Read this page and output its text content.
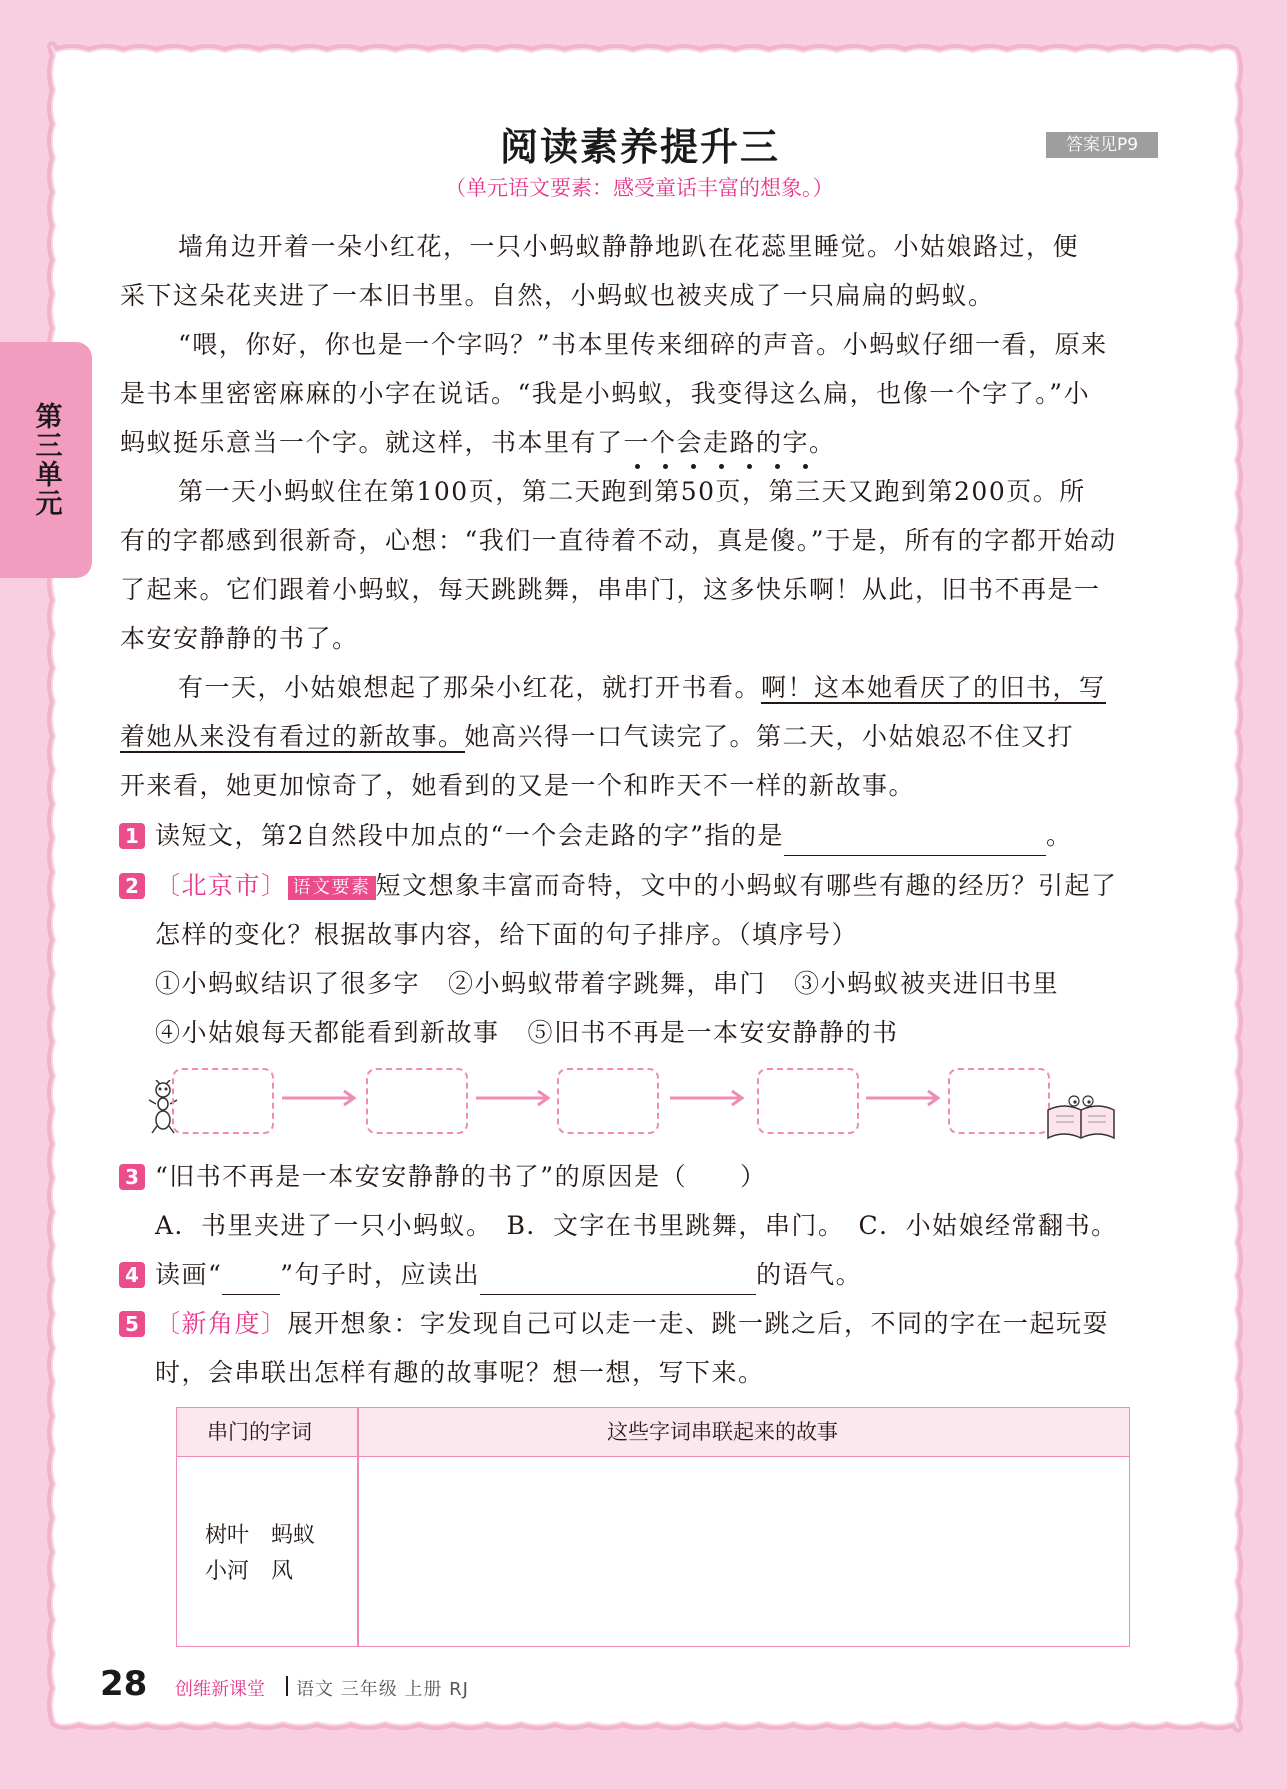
第三单元
阅读素养提升三	答案见P9
（单元语文要素：感受童话丰富的想象。）
墙角边开着一朵小红花，一只小蚂蚁静静地趴在花蕊里睡觉。小姑娘路过，便
采下这朵花夹进了一本旧书里。自然，小蚂蚁也被夹成了一只扁扁的蚂蚁。
“喂，你好，你也是一个字吗？”书本里传来细碎的声音。小蚂蚁仔细一看，原来
是书本里密密麻麻的小字在说话。“我是小蚂蚁，我变得这么扁，也像一个字了。”小
蚂蚁挺乐意当一个字。就这样，书本里有了一个会走路的字
。
第一天小蚂蚁住在第100页，第二天跑到第50页，第三天又跑到第200页。所
有的字都感到很新奇，心想：“我们一直待着不动，真是傻。”于是，所有的字都开始动
了起来。它们跟着小蚂蚁，每天跳跳舞，串串门，这多快乐啊！从此，旧书不再是一
本安安静静的书了。
有一天，小姑娘想起了那朵小红花，就打开书看。啊！这本她看厌了的旧书，写
着她从来没有看过的新故事。她高兴得一口气读完了。第二天，小姑娘忍不住又打
开来看，她更加惊奇了，她看到的又是一个和昨天不一样的新故事。
1 读短文，第2自然段中加点的“一个会走路的字”指的是	。
2 〔北京市〕 语文要素 短文想象丰富而奇特，文中的小蚂蚁有哪些有趣的经历？引起了
怎样的变化？根据故事内容，给下面的句子排序。（填序号）
①小蚂蚁结识了很多字 ②小蚂蚁带着字跳舞，串门 ③小蚂蚁被夹进旧书里
④小姑娘每天都能看到新故事 ⑤旧书不再是一本安安静静的书
3 “旧书不再是一本安安静静的书了”的原因是（　　）
A．书里夹进了一只小蚂蚁。 B．文字在书里跳舞，串门。 C．小姑娘经常翻书。
4 读画“ ”句子时，应读出	的语气。
5 〔新角度〕展开想象：字发现自己可以走一走、跳一跳之后，不同的字在一起玩耍
时，会串联出怎样有趣的故事呢？想一想，写下来。
串门的字词	这些字词串联起来的故事
树叶　蚂蚁
小河　风
28 创维新课堂 语文 三年级 上册 RJ
